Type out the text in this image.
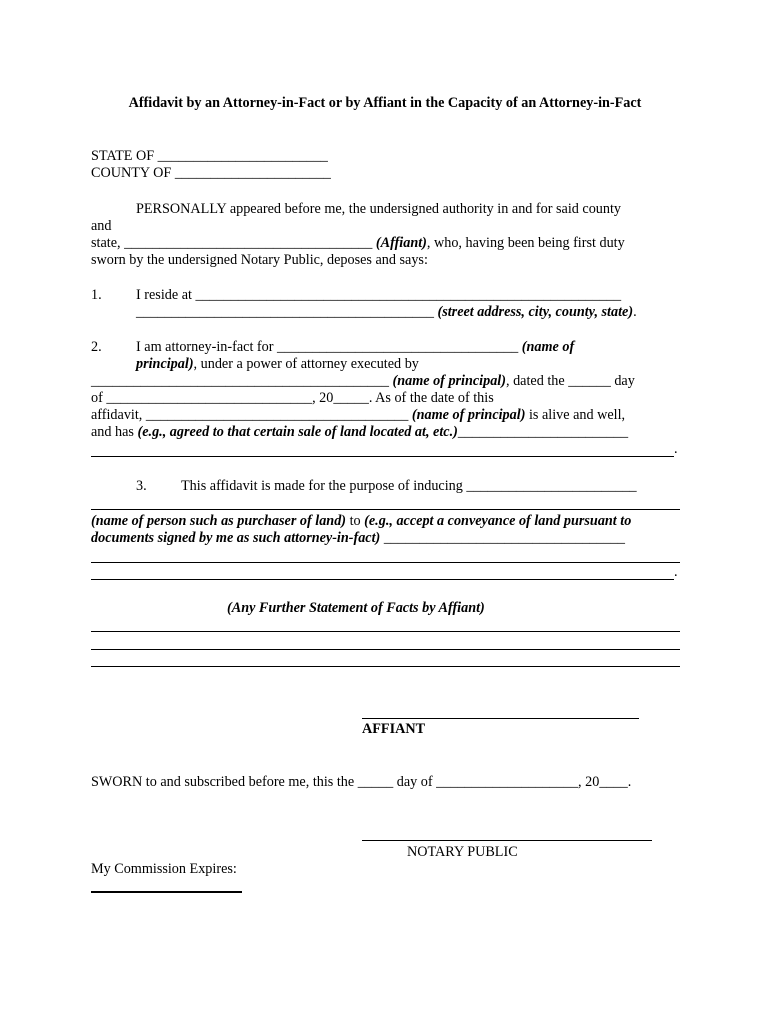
Affidavit by an Attorney-in-Fact or by Affiant in the Capacity of an Attorney-in-Fact
STATE OF ________________________
COUNTY OF ______________________
PERSONALLY appeared before me, the undersigned authority in and for said county
and
state, ___________________________________ (Affiant), who, having been being first duty
sworn by the undersigned Notary Public, deposes and says:
1. I reside at ____________________________________________________________
__________________________________________ (street address, city, county, state).
2. I am attorney-in-fact for __________________________________ (name of
principal), under a power of attorney executed by
__________________________________________ (name of principal), dated the ______ day
of _____________________________, 20_____. As of the date of this
affidavit, _____________________________________ (name of principal) is alive and well,
and has (e.g., agreed to that certain sale of land located at, etc.)________________________
.
3. This affidavit is made for the purpose of inducing ________________________
(name of person such as purchaser of land) to (e.g., accept a conveyance of land pursuant to
documents signed by me as such attorney-in-fact) __________________________________
.
(Any Further Statement of Facts by Affiant)
AFFIANT
SWORN to and subscribed before me, this the _____ day of ____________________, 20____.
NOTARY PUBLIC
My Commission Expires:
